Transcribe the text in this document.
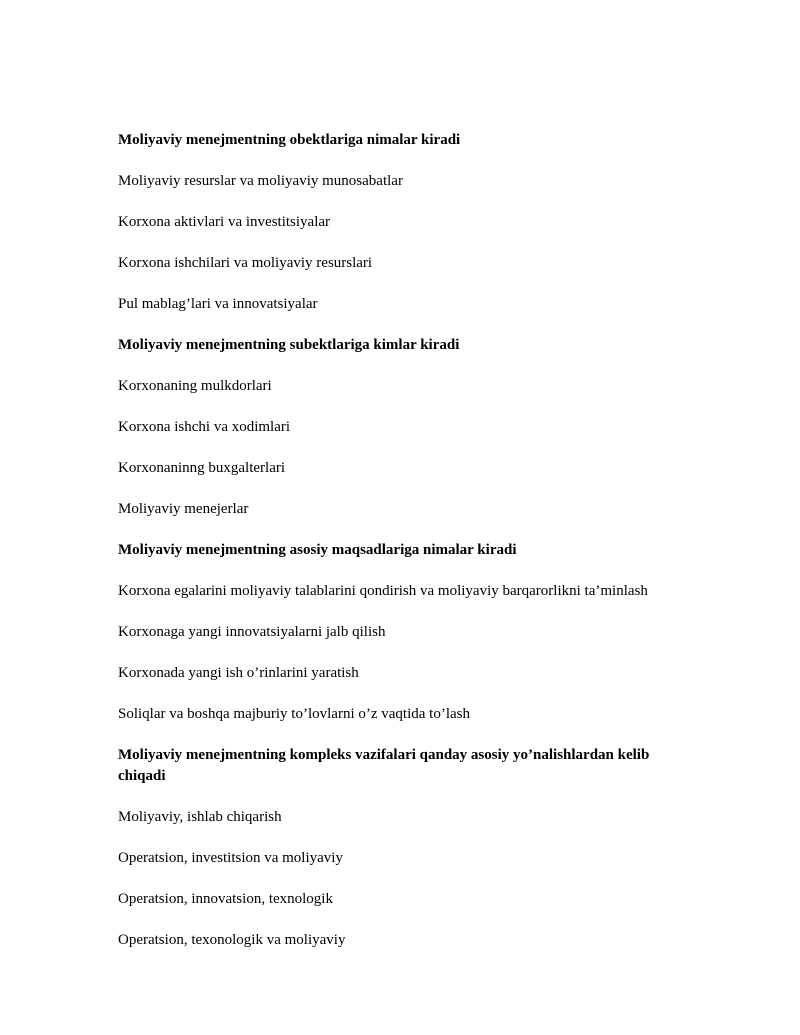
Moliyaviy menejmentning obektlariga nimalar kiradi

Moliyaviy resurslar va moliyaviy munosabatlar

Korxona aktivlari va investitsiyalar

Korxona ishchilari va moliyaviy resurslari

Pul mablag’lari va innovatsiyalar

Moliyaviy menejmentning subektlariga kimlar kiradi

Korxonaning mulkdorlari

Korxona ishchi va xodimlari

Korxonaninng buxgalterlari

Moliyaviy menejerlar

Moliyaviy menejmentning asosiy maqsadlariga nimalar kiradi

Korxona egalarini moliyaviy talablarini qondirish va moliyaviy barqarorlikni ta’minlash

Korxonaga yangi innovatsiyalarni jalb qilish

Korxonada yangi ish o’rinlarini yaratish

Soliqlar va boshqa majburiy to’lovlarni o’z vaqtida to’lash

Moliyaviy menejmentning kompleks vazifalari qanday asosiy yo’nalishlardan kelib chiqadi

Moliyaviy, ishlab chiqarish

Operatsion, investitsion va moliyaviy

Operatsion, innovatsion, texnologik

Operatsion, texonologik va moliyaviy
